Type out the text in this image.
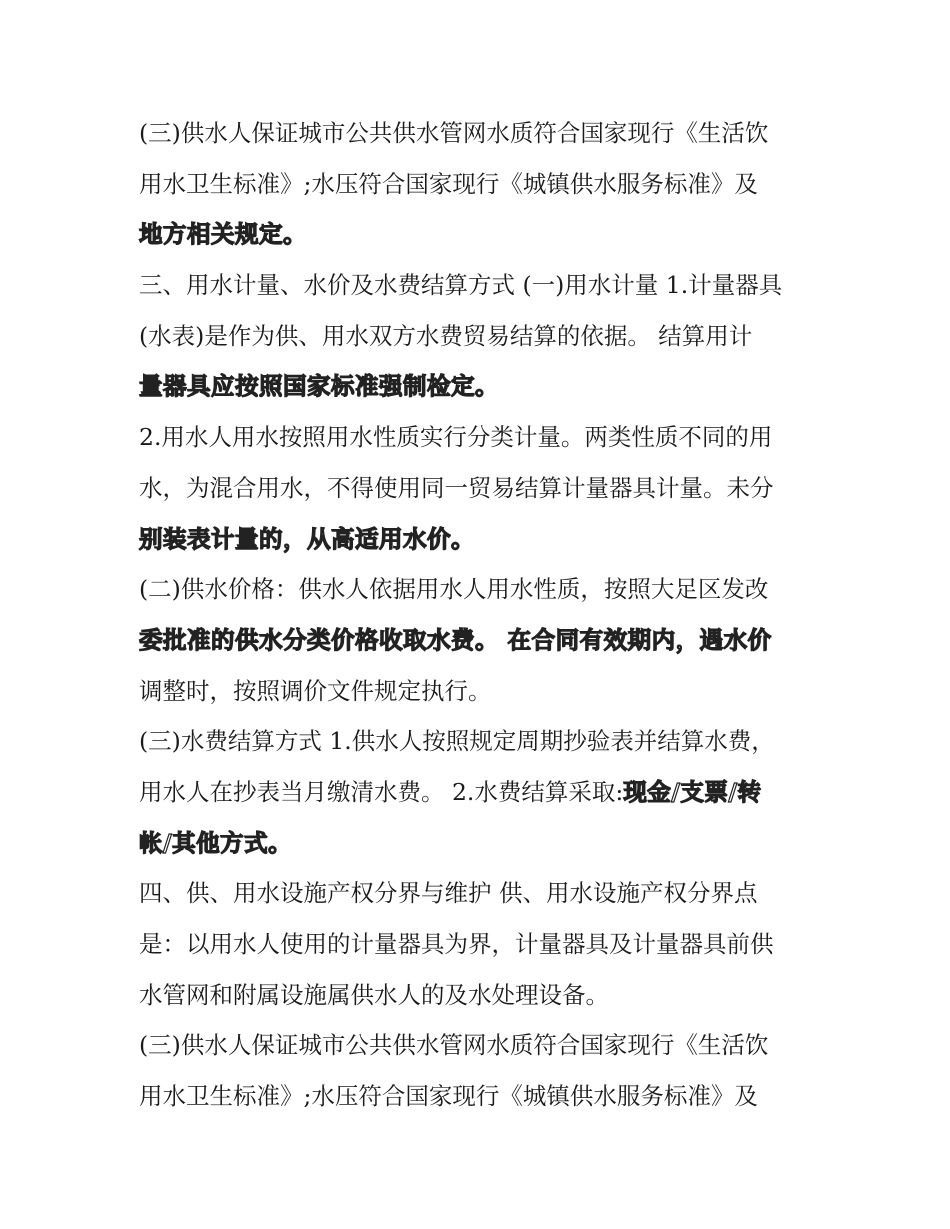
(三)供水人保证城市公共供水管网水质符合国家现行《生活饮
用水卫生标准》;水压符合国家现行《城镇供水服务标准》及
地方相关规定。
三、用水计量、水价及水费结算方式 (一)用水计量 1.计量器具
(水表)是作为供、用水双方水费贸易结算的依据。 结算用计
量器具应按照国家标准强制检定。
2.用水人用水按照用水性质实行分类计量。两类性质不同的用
水，为混合用水，不得使用同一贸易结算计量器具计量。未分
别装表计量的，从高适用水价。
(二)供水价格：供水人依据用水人用水性质，按照大足区发改
委批准的供水分类价格收取水费。 在合同有效期内，遇水价
调整时，按照调价文件规定执行。
(三)水费结算方式 1.供水人按照规定周期抄验表并结算水费，
用水人在抄表当月缴清水费。 2.水费结算采取:现金/支票/转
帐/其他方式。
四、供、用水设施产权分界与维护 供、用水设施产权分界点
是：以用水人使用的计量器具为界，计量器具及计量器具前供
水管网和附属设施属供水人的及水处理设备。
(三)供水人保证城市公共供水管网水质符合国家现行《生活饮
用水卫生标准》;水压符合国家现行《城镇供水服务标准》及
